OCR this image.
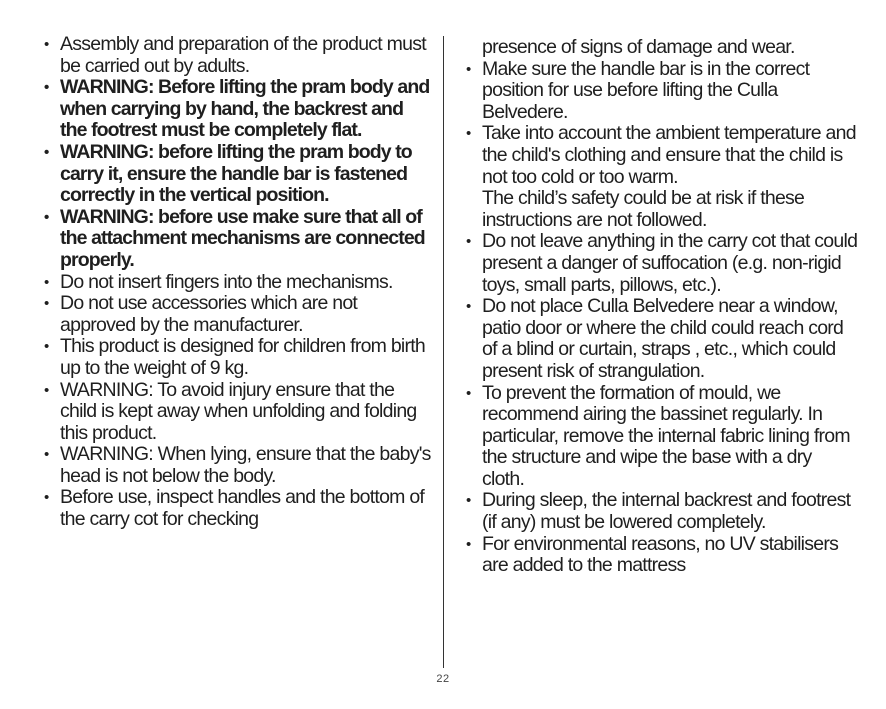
• Assembly and preparation of the product must be carried out by adults.
• WARNING: Before lifting the pram body and when carrying by hand, the backrest and the footrest must be completely flat.
• WARNING: before lifting the pram body to carry it, ensure the handle bar is fastened correctly in the vertical position.
• WARNING: before use make sure that all of the attachment mechanisms are connected properly.
• Do not insert fingers into the mechanisms.
• Do not use accessories which are not approved by the manufacturer.
• This product is designed for children from birth up to the weight of 9 kg.
• WARNING: To avoid injury ensure that the child is kept away when unfolding and folding this product.
• WARNING: When lying, ensure that the baby's head is not below the body.
• Before use, inspect handles and the bottom of the carry cot for checking
presence of signs of damage and wear.
• Make sure the handle bar is in the correct position for use before lifting the Culla Belvedere.
• Take into account the ambient temperature and the child's clothing and ensure that the child is not too cold or too warm.
The child’s safety could be at risk if these instructions are not followed.
• Do not leave anything in the carry cot that could present a danger of suffocation (e.g. non-rigid toys, small parts, pillows, etc.).
• Do not place Culla Belvedere near a window, patio door or where the child could reach cord of a blind or curtain, straps , etc., which could present risk of strangulation.
• To prevent the formation of mould, we recommend airing the bassinet regularly. In particular, remove the internal fabric lining from the structure and wipe the base with a dry cloth.
• During sleep, the internal backrest and footrest (if any) must be lowered completely.
• For environmental reasons, no UV stabilisers are added to the mattress
22
